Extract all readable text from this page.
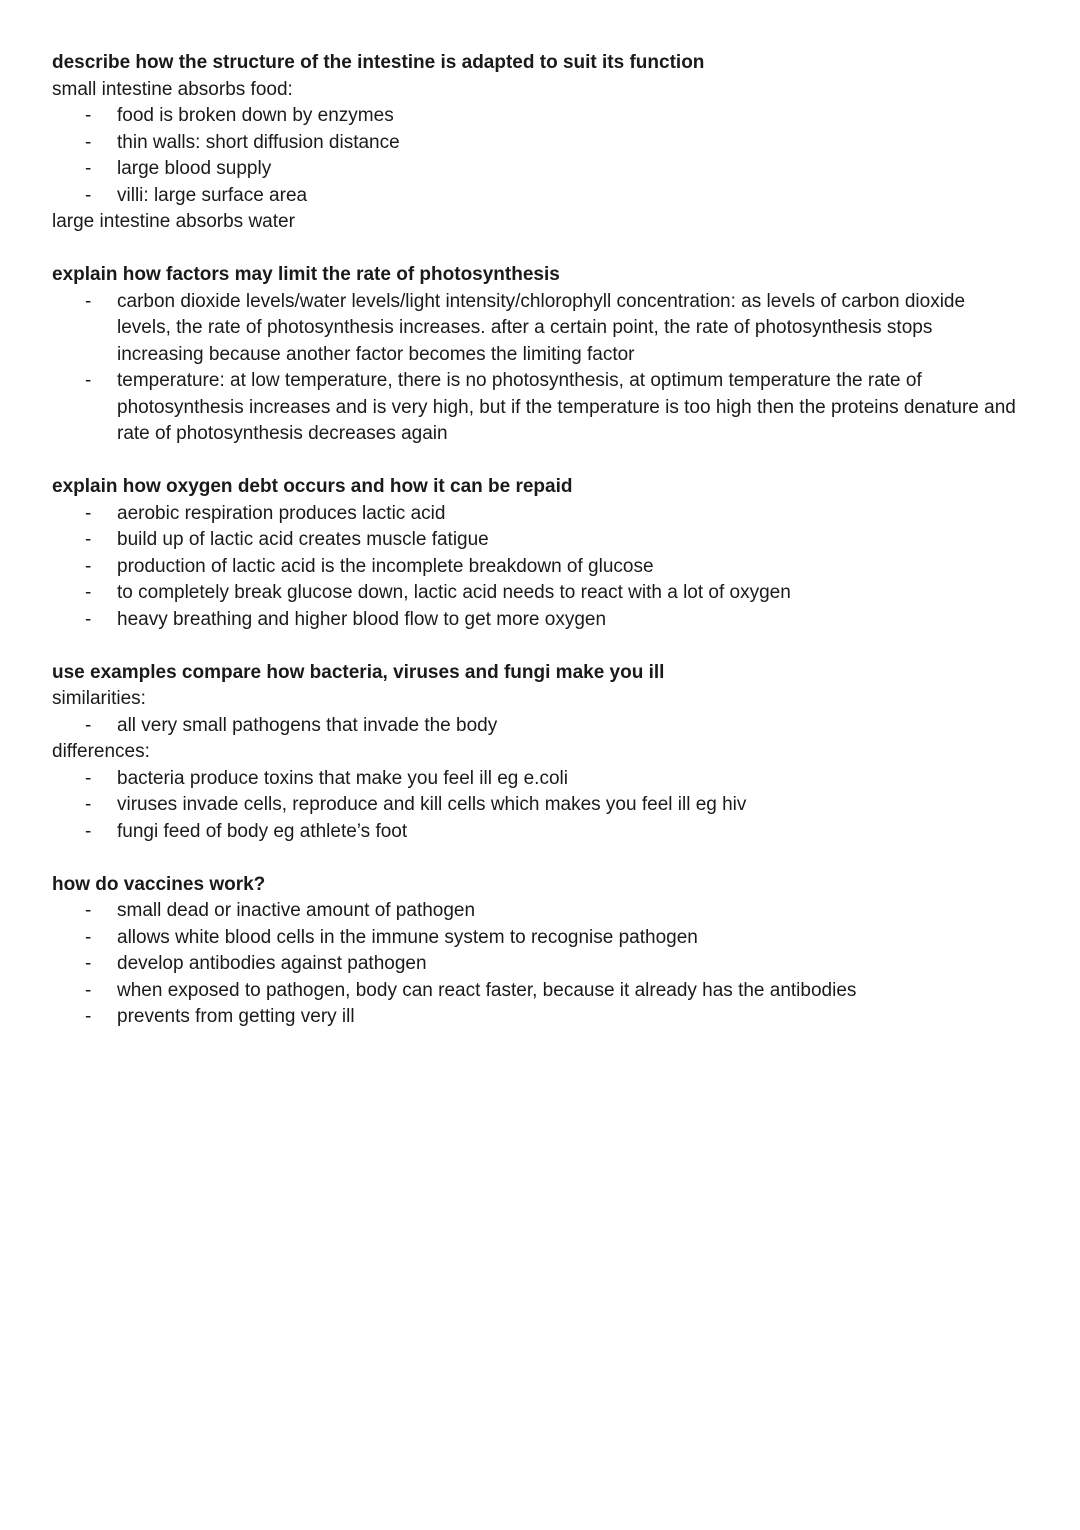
describe how the structure of the intestine is adapted to suit its function

small intestine absorbs food:

- food is broken down by enzymes
- thin walls: short diffusion distance
- large blood supply
- villi: large surface area

large intestine absorbs water

explain how factors may limit the rate of photosynthesis

- carbon dioxide levels/water levels/light intensity/chlorophyll concentration: as levels of carbon dioxide levels, the rate of photosynthesis increases. after a certain point, the rate of photosynthesis stops increasing because another factor becomes the limiting factor
- temperature: at low temperature, there is no photosynthesis, at optimum temperature the rate of photosynthesis increases and is very high, but if the temperature is too high then the proteins denature and rate of photosynthesis decreases again

explain how oxygen debt occurs and how it can be repaid

- aerobic respiration produces lactic acid
- build up of lactic acid creates muscle fatigue
- production of lactic acid is the incomplete breakdown of glucose
- to completely break glucose down, lactic acid needs to react with a lot of oxygen
- heavy breathing and higher blood flow to get more oxygen

use examples compare how bacteria, viruses and fungi make you ill

similarities:

- all very small pathogens that invade the body

differences:

- bacteria produce toxins that make you feel ill eg e.coli
- viruses invade cells, reproduce and kill cells which makes you feel ill eg hiv
- fungi feed of body eg athlete’s foot

how do vaccines work?

- small dead or inactive amount of pathogen
- allows white blood cells in the immune system to recognise pathogen
- develop antibodies against pathogen
- when exposed to pathogen, body can react faster, because it already has the antibodies
- prevents from getting very ill
